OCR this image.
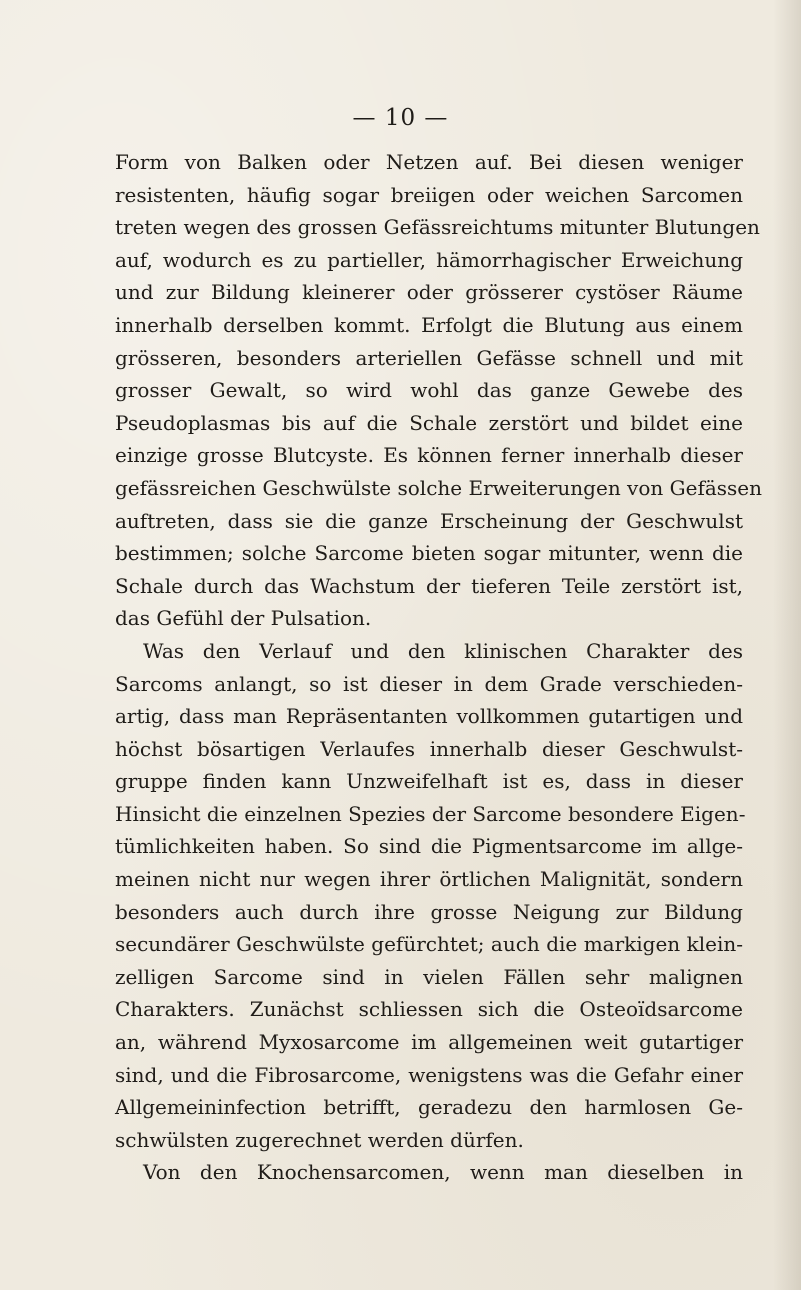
— 10 —
Form von Balken oder Netzen auf. Bei diesen weniger
resistenten, häufig sogar breiigen oder weichen Sarcomen
treten wegen des grossen Gefässreichtums mitunter Blutungen
auf, wodurch es zu partieller, hämorrhagischer Erweichung
und zur Bildung kleinerer oder grösserer cystöser Räume
innerhalb derselben kommt. Erfolgt die Blutung aus einem
grösseren, besonders arteriellen Gefässe schnell und mit
grosser Gewalt, so wird wohl das ganze Gewebe des
Pseudoplasmas bis auf die Schale zerstört und bildet eine
einzige grosse Blutcyste. Es können ferner innerhalb dieser
gefässreichen Geschwülste solche Erweiterungen von Gefässen
auftreten, dass sie die ganze Erscheinung der Geschwulst
bestimmen; solche Sarcome bieten sogar mitunter, wenn die
Schale durch das Wachstum der tieferen Teile zerstört ist,
das Gefühl der Pulsation.
Was den Verlauf und den klinischen Charakter des
Sarcoms anlangt, so ist dieser in dem Grade verschieden-
artig, dass man Repräsentanten vollkommen gutartigen und
höchst bösartigen Verlaufes innerhalb dieser Geschwulst-
gruppe finden kann Unzweifelhaft ist es, dass in dieser
Hinsicht die einzelnen Spezies der Sarcome besondere Eigen-
tümlichkeiten haben. So sind die Pigmentsarcome im allge-
meinen nicht nur wegen ihrer örtlichen Malignität, sondern
besonders auch durch ihre grosse Neigung zur Bildung
secundärer Geschwülste gefürchtet; auch die markigen klein-
zelligen Sarcome sind in vielen Fällen sehr malignen
Charakters. Zunächst schliessen sich die Osteoïdsarcome
an, während Myxosarcome im allgemeinen weit gutartiger
sind, und die Fibrosarcome, wenigstens was die Gefahr einer
Allgemeininfection betrifft, geradezu den harmlosen Ge-
schwülsten zugerechnet werden dürfen.
Von den Knochensarcomen, wenn man dieselben in
